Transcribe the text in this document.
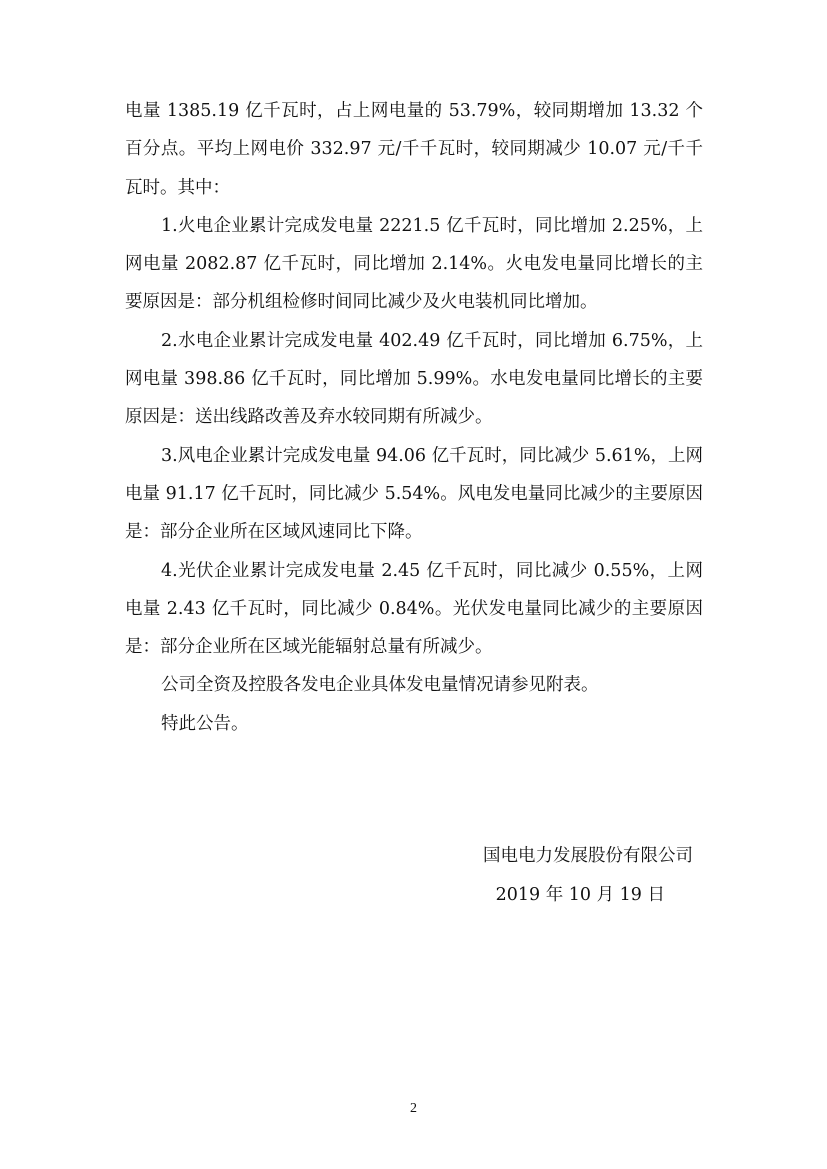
电量 1385.19 亿千瓦时，占上网电量的 53.79%，较同期增加 13.32 个百分点。平均上网电价 332.97 元/千千瓦时，较同期减少 10.07 元/千千瓦时。其中：

1.火电企业累计完成发电量 2221.5 亿千瓦时，同比增加 2.25%，上网电量 2082.87 亿千瓦时，同比增加 2.14%。火电发电量同比增长的主要原因是：部分机组检修时间同比减少及火电装机同比增加。

2.水电企业累计完成发电量 402.49 亿千瓦时，同比增加 6.75%，上网电量 398.86 亿千瓦时，同比增加 5.99%。水电发电量同比增长的主要原因是：送出线路改善及弃水较同期有所减少。

3.风电企业累计完成发电量 94.06 亿千瓦时，同比减少 5.61%，上网电量 91.17 亿千瓦时，同比减少 5.54%。风电发电量同比减少的主要原因是：部分企业所在区域风速同比下降。

4.光伏企业累计完成发电量 2.45 亿千瓦时，同比减少 0.55%，上网电量 2.43 亿千瓦时，同比减少 0.84%。光伏发电量同比减少的主要原因是：部分企业所在区域光能辐射总量有所减少。

公司全资及控股各发电企业具体发电量情况请参见附表。

特此公告。

国电电力发展股份有限公司
2019 年 10 月 19 日
2
